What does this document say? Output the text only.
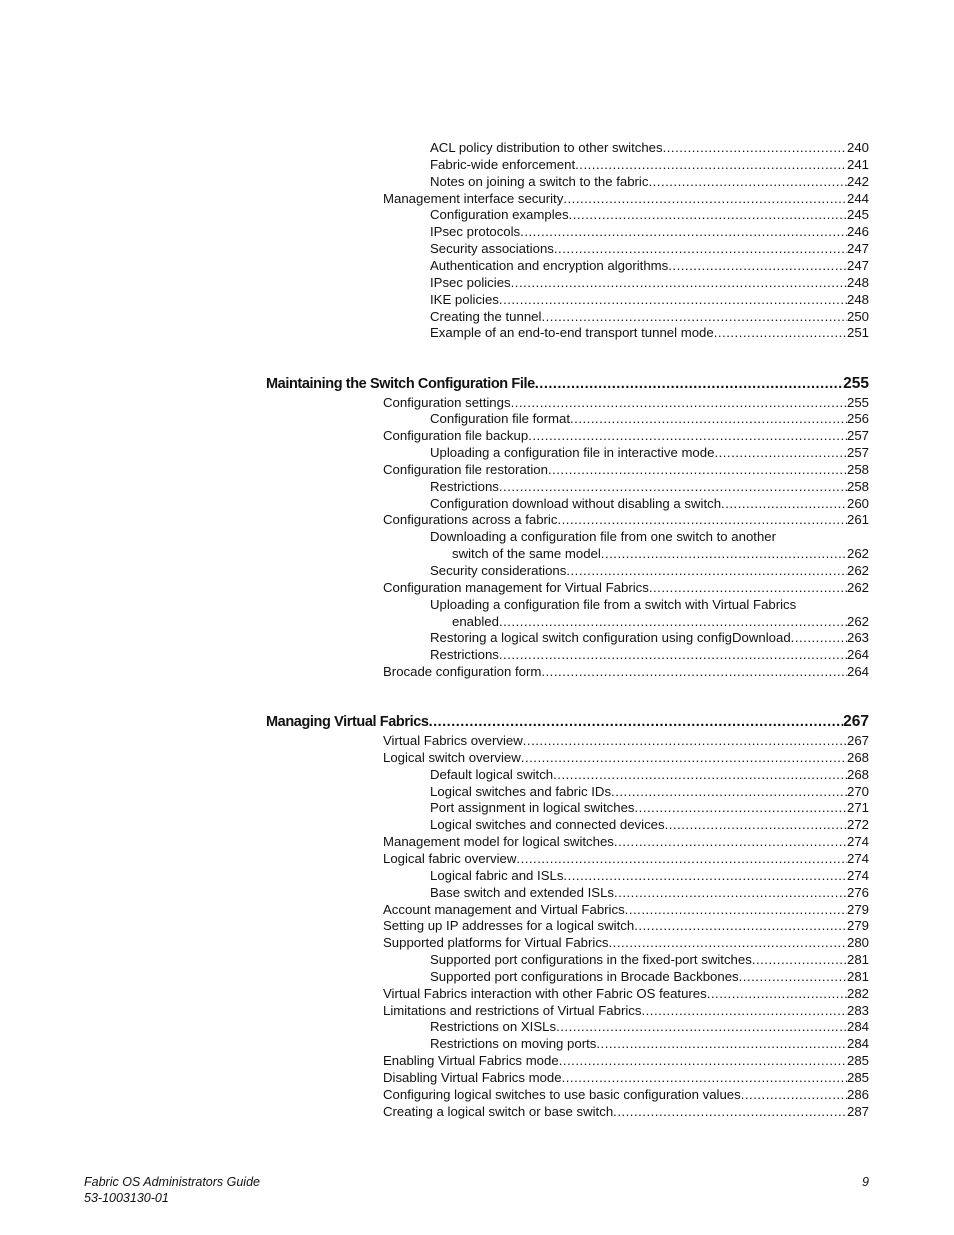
ACL policy distribution to other switches .....	240
Fabric-wide enforcement .....	241
Notes on joining a switch to the fabric .....	242
Management interface security .....	244
Configuration examples .....	245
IPsec protocols .....	246
Security associations .....	247
Authentication and encryption algorithms .....	247
IPsec policies .....	248
IKE policies .....	248
Creating the tunnel .....	250
Example of an end-to-end transport tunnel mode .....	251
Maintaining the Switch Configuration File .....	255
Configuration settings .....	255
Configuration file format .....	256
Configuration file backup .....	257
Uploading a configuration file in interactive mode .....	257
Configuration file restoration .....	258
Restrictions .....	258
Configuration download without disabling a switch .....	260
Configurations across a fabric .....	261
Downloading a configuration file from one switch to another
switch of the same model .....	262
Security considerations .....	262
Configuration management for Virtual Fabrics .....	262
Uploading a configuration file from a switch with Virtual Fabrics
enabled .....	262
Restoring a logical switch configuration using configDownload .....	263
Restrictions .....	264
Brocade configuration form .....	264
Managing Virtual Fabrics .....	267
Virtual Fabrics overview .....	267
Logical switch overview .....	268
Default logical switch .....	268
Logical switches and fabric IDs .....	270
Port assignment in logical switches .....	271
Logical switches and connected devices .....	272
Management model for logical switches .....	274
Logical fabric overview .....	274
Logical fabric and ISLs .....	274
Base switch and extended ISLs .....	276
Account management and Virtual Fabrics .....	279
Setting up IP addresses for a logical switch .....	279
Supported platforms for Virtual Fabrics .....	280
Supported port configurations in the fixed-port switches .....	281
Supported port configurations in Brocade Backbones .....	281
Virtual Fabrics interaction with other Fabric OS features .....	282
Limitations and restrictions of Virtual Fabrics .....	283
Restrictions on XISLs .....	284
Restrictions on moving ports .....	284
Enabling Virtual Fabrics mode .....	285
Disabling Virtual Fabrics mode .....	285
Configuring logical switches to use basic configuration values .....	286
Creating a logical switch or base switch .....	287
Fabric OS Administrators Guide
53-1003130-01
9
